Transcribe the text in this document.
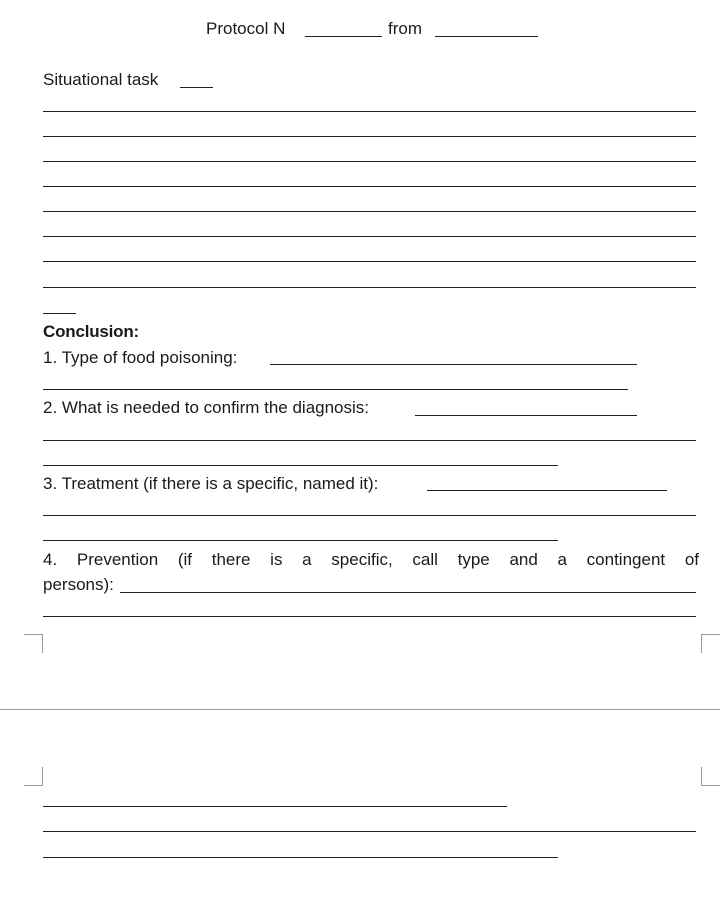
Protocol N	from
Situational task
Conclusion:
1. Type of food poisoning:
2. What is needed to confirm the diagnosis:
3. Treatment (if there is a specific, named it):
4. Prevention (if there is a specific, call type and a contingent of
persons):
